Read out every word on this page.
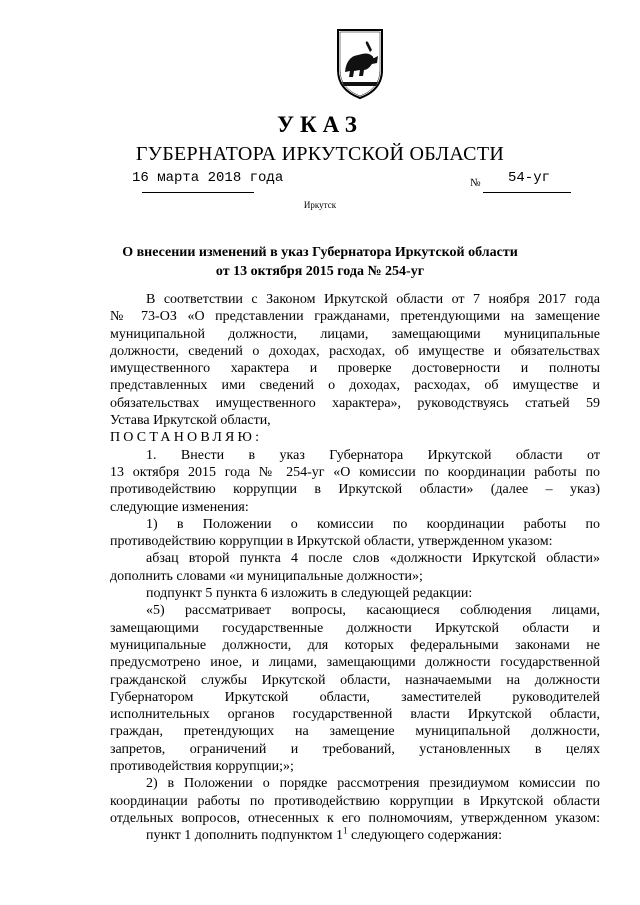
УКАЗ
ГУБЕРНАТОРА ИРКУТСКОЙ ОБЛАСТИ
16 марта 2018 года	№ 54-уг
Иркутск
О внесении изменений в указ Губернатора Иркутской области
от 13 октября 2015 года № 254-уг
В соответствии с Законом Иркутской области от 7 ноября 2017 года
№ 73-ОЗ «О представлении гражданами, претендующими на замещение
муниципальной должности, лицами, замещающими муниципальные
должности, сведений о доходах, расходах, об имуществе и обязательствах
имущественного характера и проверке достоверности и полноты
представленных ими сведений о доходах, расходах, об имуществе и
обязательствах имущественного характера», руководствуясь статьей 59
Устава Иркутской области,
ПОСТАНОВЛЯЮ:
1. Внести в указ Губернатора Иркутской области от
13 октября 2015 года № 254-уг «О комиссии по координации работы по
противодействию коррупции в Иркутской области» (далее – указ)
следующие изменения:
1) в Положении о комиссии по координации работы по
противодействию коррупции в Иркутской области, утвержденном указом:
абзац второй пункта 4 после слов «должности Иркутской области»
дополнить словами «и муниципальные должности»;
подпункт 5 пункта 6 изложить в следующей редакции:
«5) рассматривает вопросы, касающиеся соблюдения лицами,
замещающими государственные должности Иркутской области и
муниципальные должности, для которых федеральными законами не
предусмотрено иное, и лицами, замещающими должности государственной
гражданской службы Иркутской области, назначаемыми на должности
Губернатором Иркутской области, заместителей руководителей
исполнительных органов государственной власти Иркутской области,
граждан, претендующих на замещение муниципальной должности,
запретов, ограничений и требований, установленных в целях
противодействия коррупции;»;
2) в Положении о порядке рассмотрения президиумом комиссии по
координации работы по противодействию коррупции в Иркутской области
отдельных вопросов, отнесенных к его полномочиям, утвержденном указом:
пункт 1 дополнить подпунктом $1^1$ следующего содержания:
